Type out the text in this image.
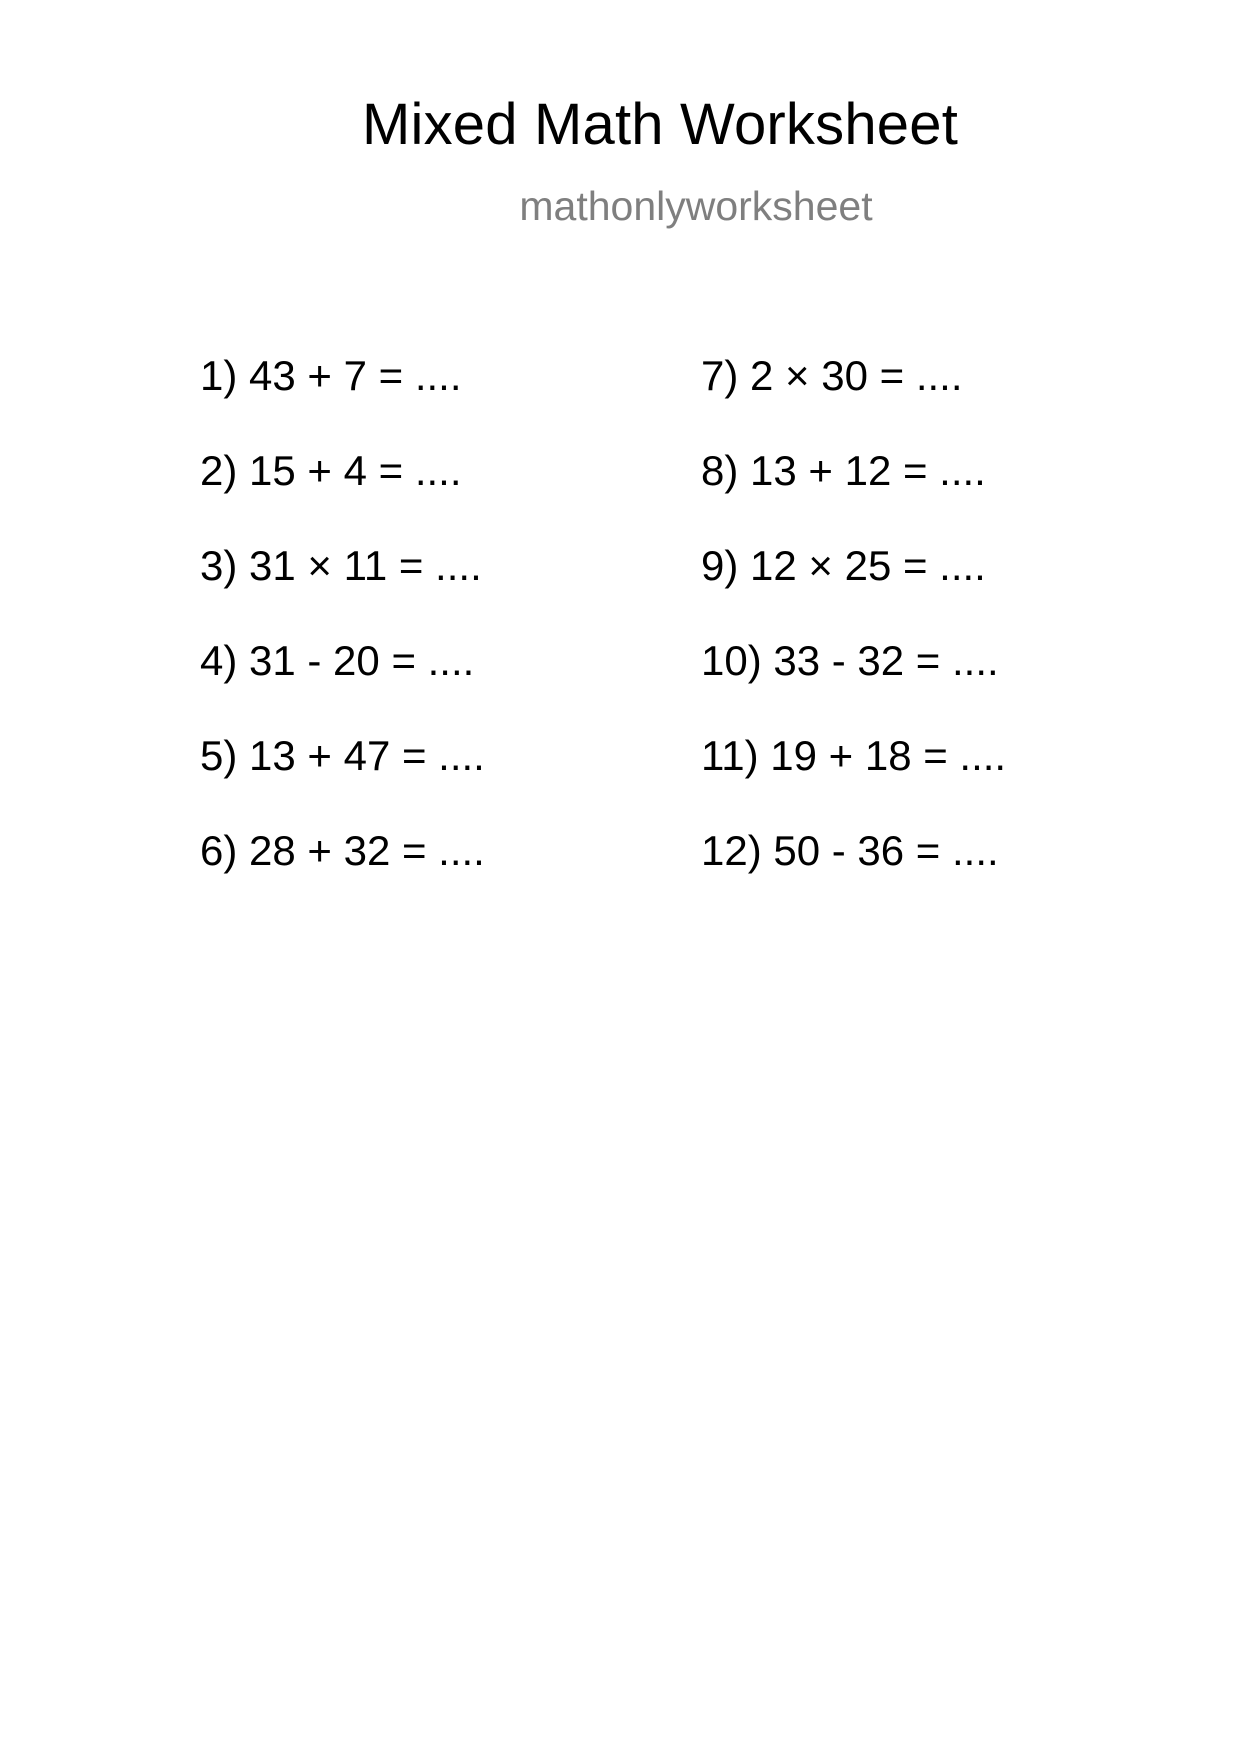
Mixed Math Worksheet
mathonlyworksheet
1) 43 + 7 = ....
2) 15 + 4 = ....
3) 31 × 11 = ....
4) 31 - 20 = ....
5) 13 + 47 = ....
6) 28 + 32 = ....
7) 2 × 30 = ....
8) 13 + 12 = ....
9) 12 × 25 = ....
10) 33 - 32 = ....
11) 19 + 18 = ....
12) 50 - 36 = ....
